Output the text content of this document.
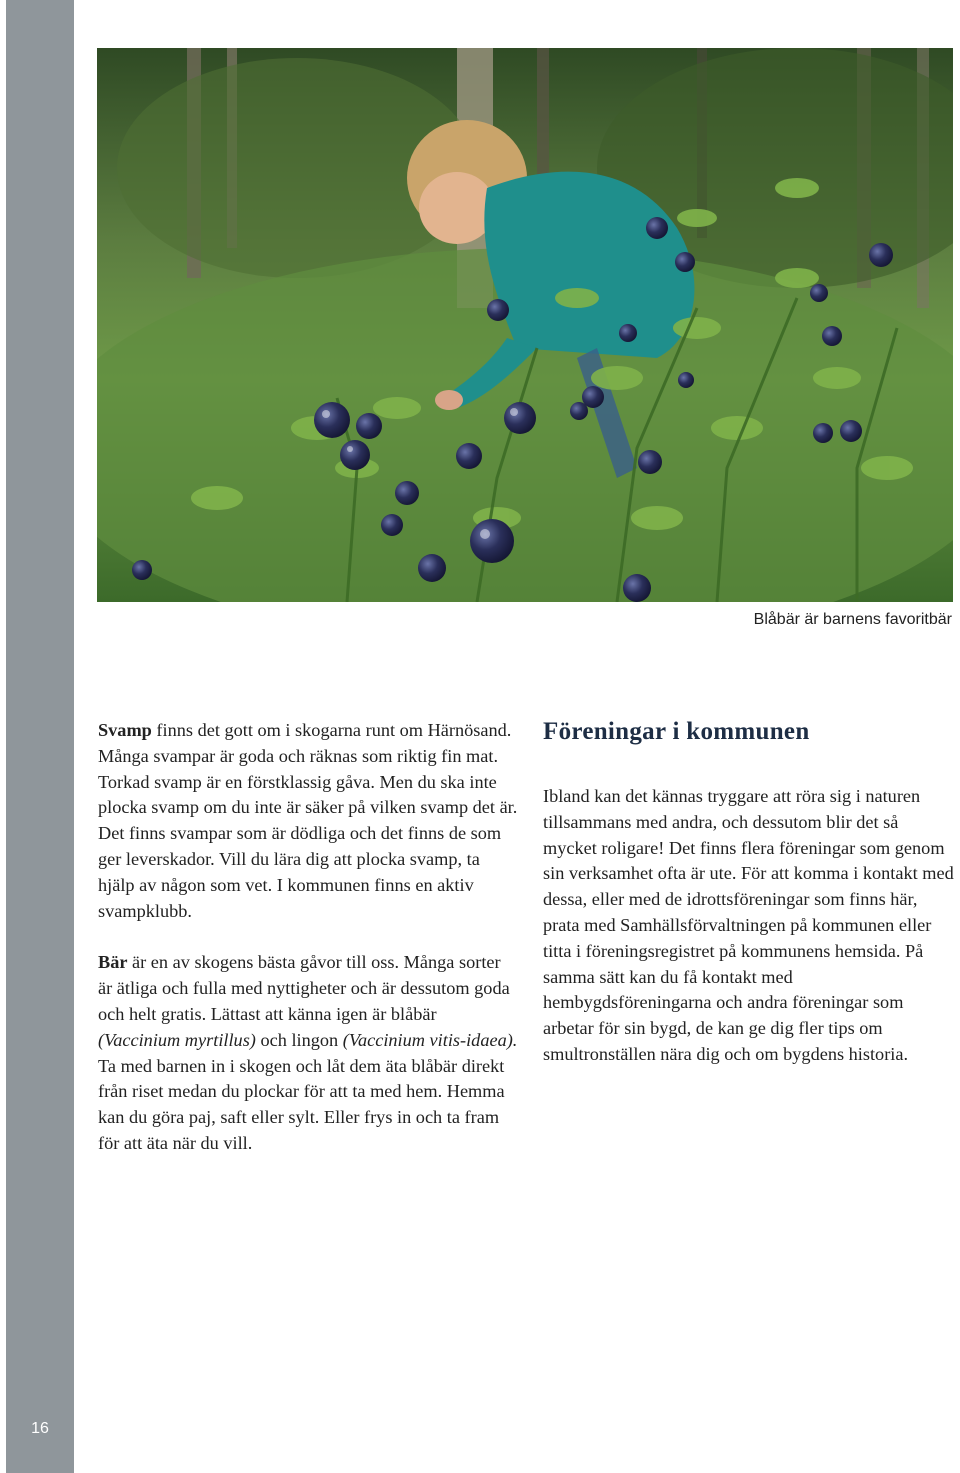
16
Blåbär är barnens favoritbär

Svamp finns det gott om i skogarna runt om Härnösand. Många svampar är goda och räknas som riktig fin mat. Torkad svamp är en förstklassig gåva. Men du ska inte plocka svamp om du inte är säker på vilken svamp det är. Det finns svampar som är dödliga och det finns de som ger leverskador. Vill du lära dig att plocka svamp, ta hjälp av någon som vet. I kommunen finns en aktiv svampklubb.

Bär är en av skogens bästa gåvor till oss. Många sorter är ätliga och fulla med nyttigheter och är dessutom goda och helt gratis. Lättast att känna igen är blåbär (Vaccinium myrtillus) och lingon (Vaccinium vitis-idaea). Ta med barnen in i skogen och låt dem äta blåbär direkt från riset medan du plockar för att ta med hem. Hemma kan du göra paj, saft eller sylt. Eller frys in och ta fram för att äta när du vill.

Föreningar i kommunen

Ibland kan det kännas tryggare att röra sig i naturen tillsammans med andra, och dessutom blir det så mycket roligare! Det finns flera föreningar som genom sin verksamhet ofta är ute. För att komma i kontakt med dessa, eller med de idrottsföreningar som finns här, prata med Samhällsförvaltningen på kommunen eller titta i föreningsregistret på kommunens hemsida. På samma sätt kan du få kontakt med hembygdsföreningarna och andra föreningar som arbetar för sin bygd, de kan ge dig fler tips om smultronställen nära dig och om bygdens historia.
